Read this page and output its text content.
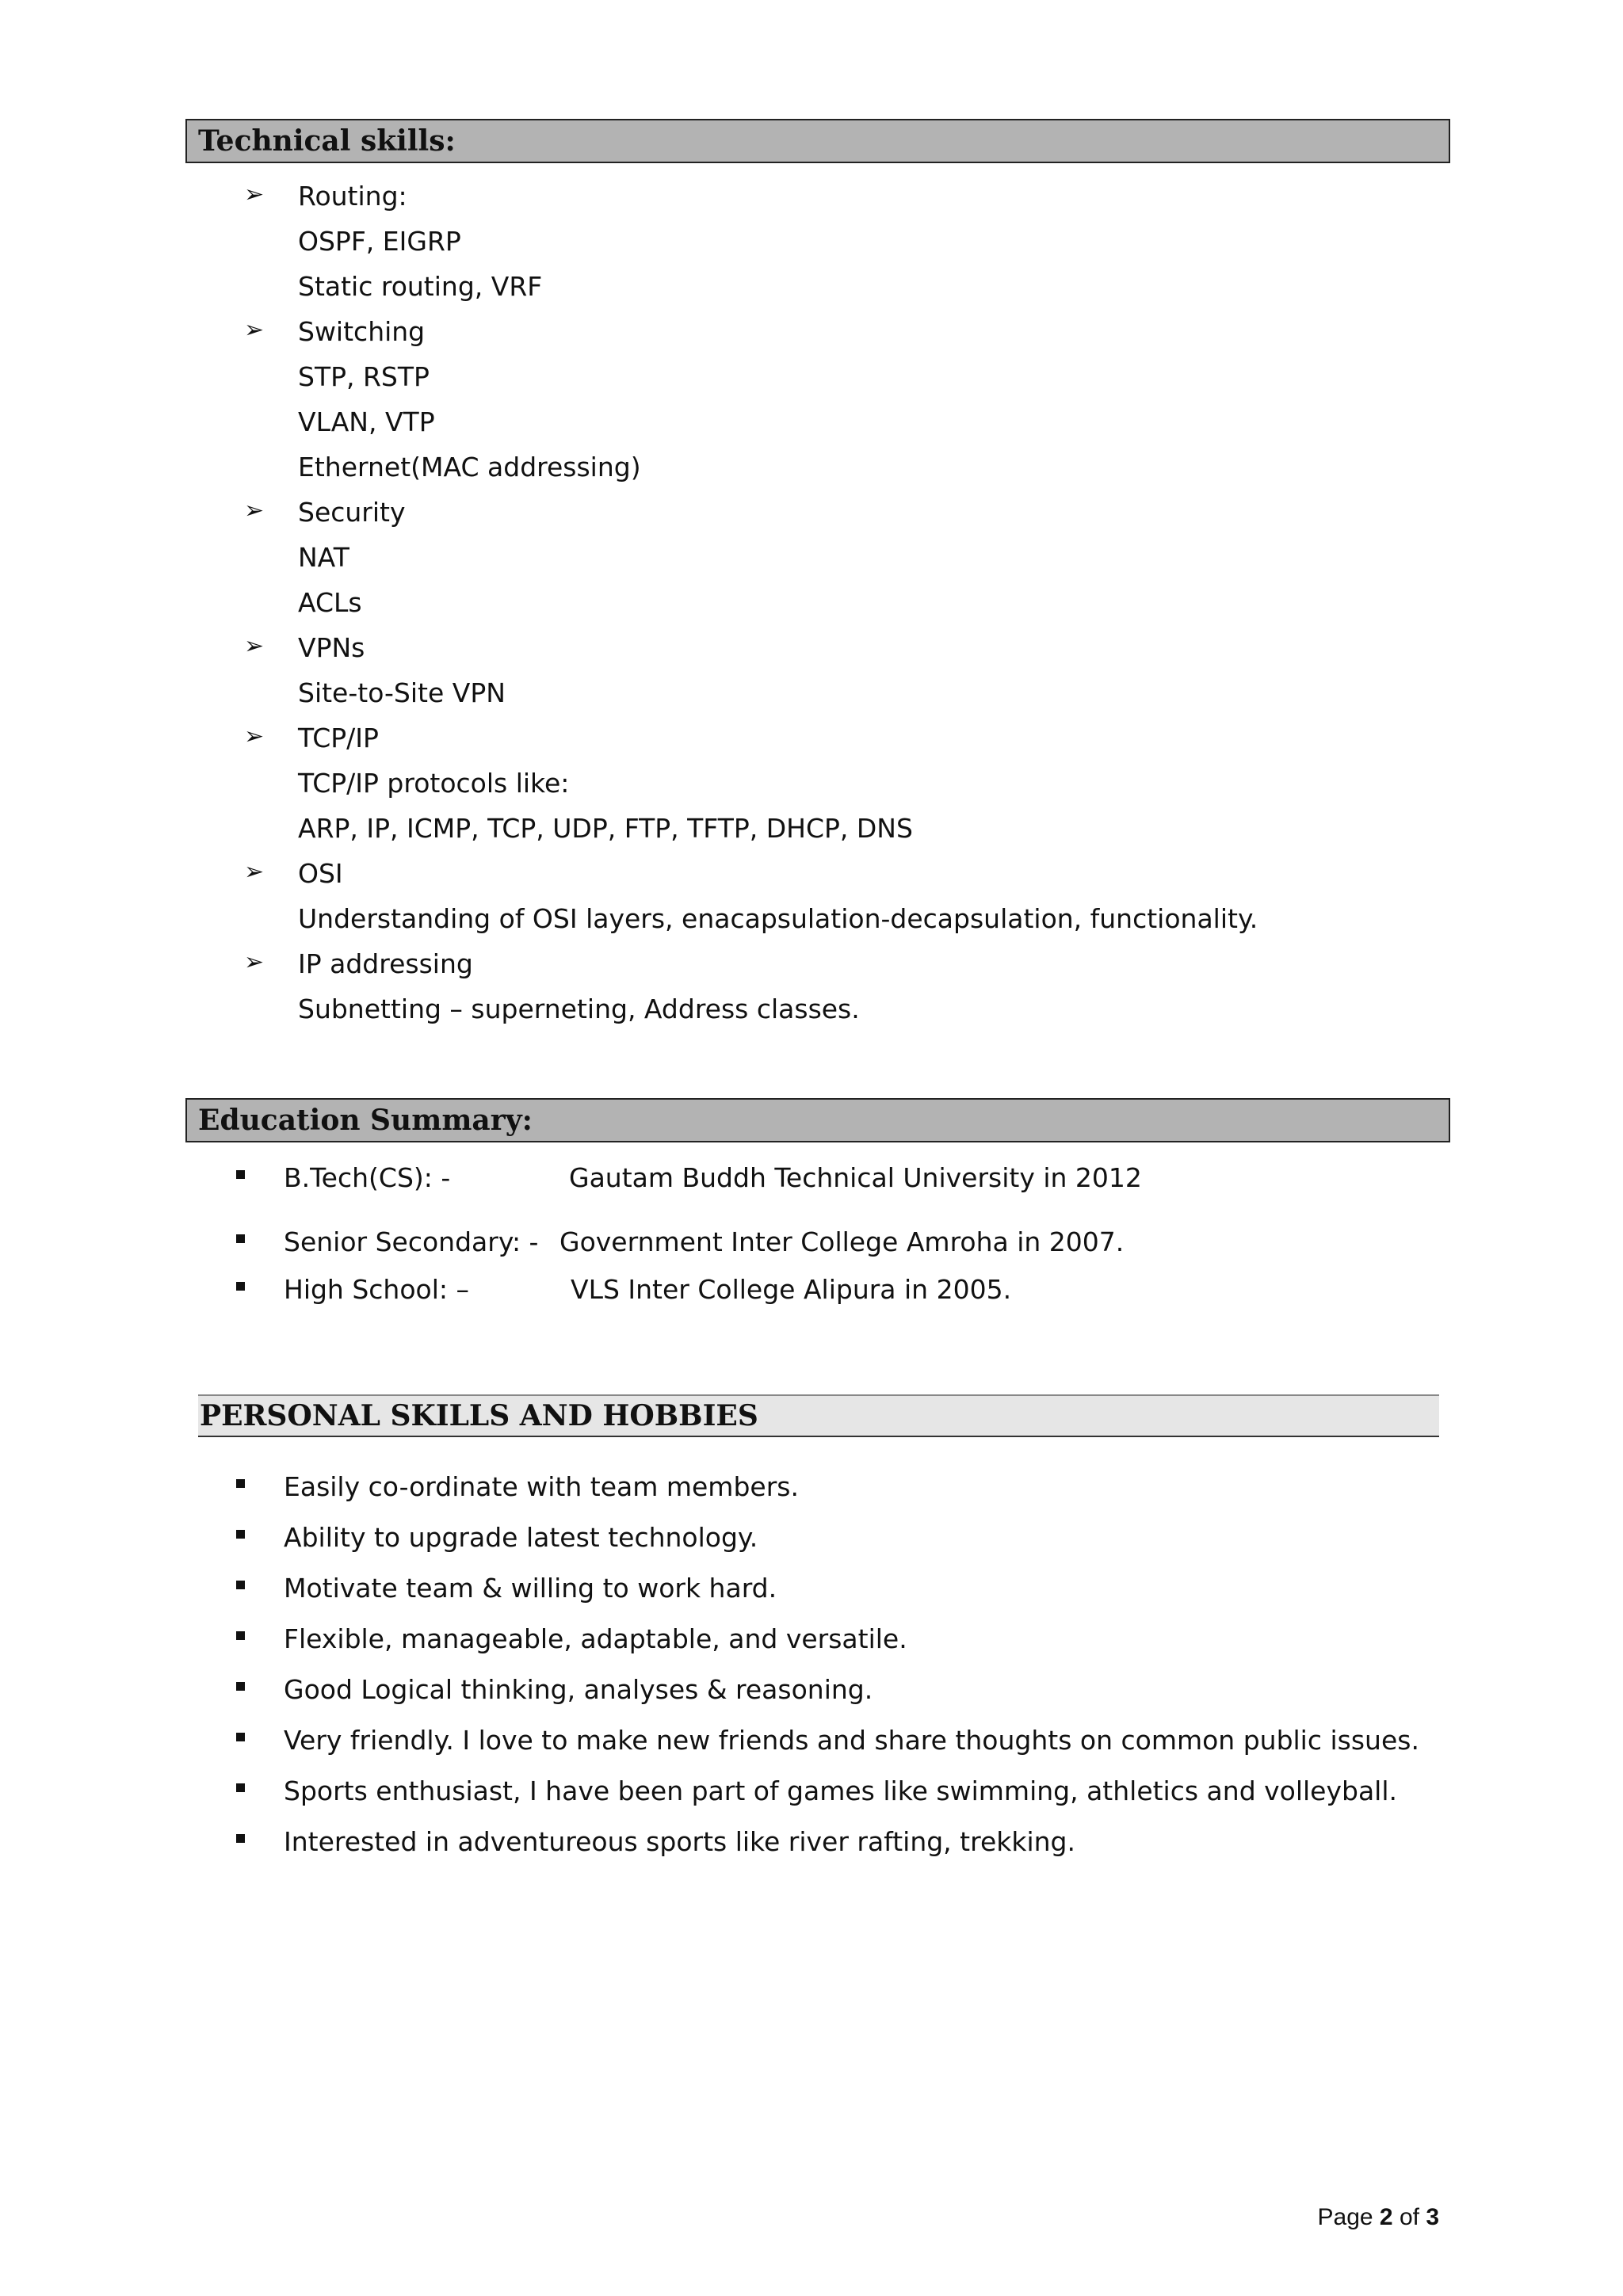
Technical skills:
➢ Routing:
OSPF, EIGRP
Static routing, VRF
➢ Switching
STP, RSTP
VLAN, VTP
Ethernet(MAC addressing)
➢ Security
NAT
ACLs
➢ VPNs
Site-to-Site VPN
➢ TCP/IP
TCP/IP protocols like:
ARP, IP, ICMP, TCP, UDP, FTP, TFTP, DHCP, DNS
➢ OSI
Understanding of OSI layers, enacapsulation-decapsulation, functionality.
➢ IP addressing
Subnetting – superneting, Address classes.
Education Summary:
B.Tech(CS): -	Gautam Buddh Technical University in 2012
Senior Secondary: - Government Inter College Amroha in 2007.
High School: –	VLS Inter College Alipura in 2005.
PERSONAL SKILLS AND HOBBIES
Easily co-ordinate with team members.
Ability to upgrade latest technology.
Motivate team & willing to work hard.
Flexible, manageable, adaptable, and versatile.
Good Logical thinking, analyses & reasoning.
Very friendly. I love to make new friends and share thoughts on common public issues.
Sports enthusiast, I have been part of games like swimming, athletics and volleyball.
Interested in adventureous sports like river rafting, trekking.
Page 2 of 3
